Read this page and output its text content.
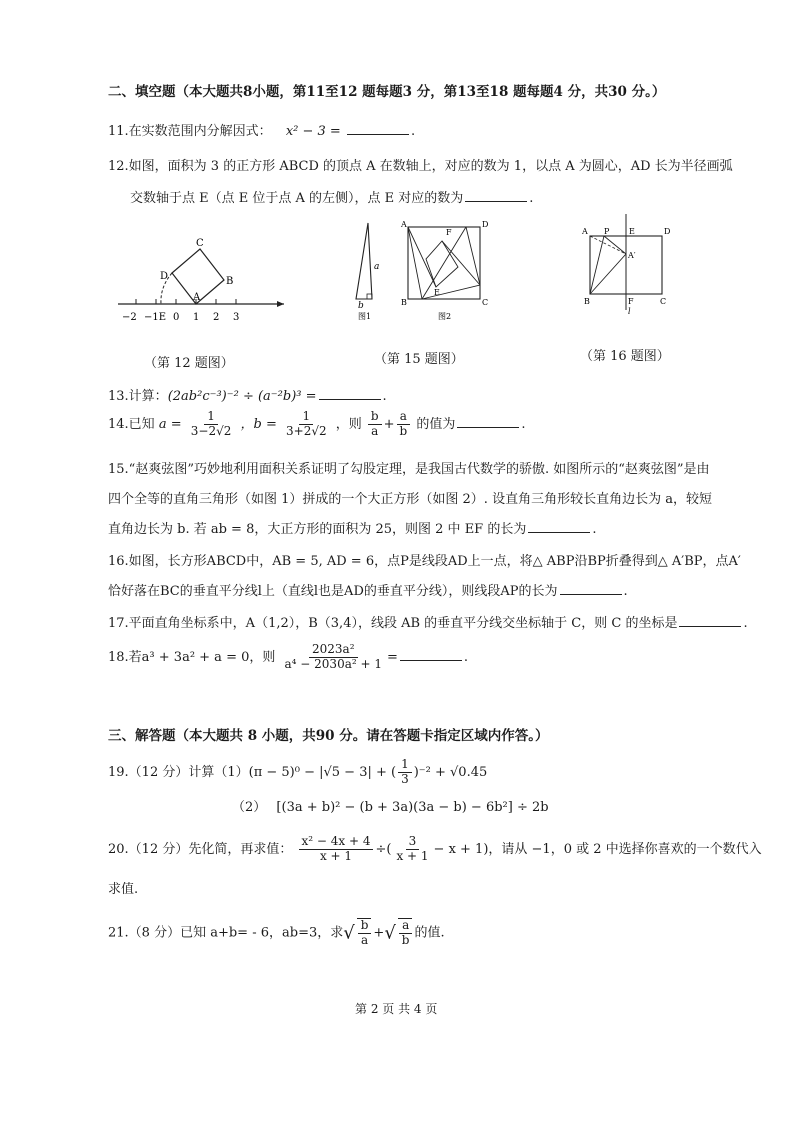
二、填空题（本大题共8小题，第11至12 题每题3 分，第13至18 题每题4 分，共30 分。）
11.在实数范围内分解因式： x² − 3 =	.
12.如图，面积为 3 的正方形 ABCD 的顶点 A 在数轴上，对应的数为 1，以点 A 为圆心，AD 长为半径画弧
交数轴于点 E（点 E 位于点 A 的左侧），点 E 对应的数为	.
C
D	B
A
−2 −1E 0 1 2 3
（第 12 题图）
a
b
图1
A
F
D
E
B	C
图2
（第 15 题图）
A P E	D
A′
B	F	C
l
（第 16 题图）
13.计算：(2ab²c⁻³)⁻² ÷ (a⁻²b)³ =	.
14.已知 $a = \frac{1}{3-2√2}$ ，$b = \frac{1}{3+2√2}$ ，则 $\frac{b}{a} + \frac{a}{b}$ 的值为	.
15.“赵爽弦图”巧妙地利用面积关系证明了勾股定理，是我国古代数学的骄傲. 如图所示的“赵爽弦图”是由
四个全等的直角三角形（如图 1）拼成的一个大正方形（如图 2）. 设直角三角形较长直角边长为 a，较短
直角边长为 b. 若 ab = 8，大正方形的面积为 25，则图 2 中 EF 的长为	.
16.如图，长方形ABCD中，AB = 5, AD = 6，点P是线段AD上一点，将△ ABP沿BP折叠得到△ A′BP，点A′
恰好落在BC的垂直平分线l上（直线l也是AD的垂直平分线），则线段AP的长为	.
17.平面直角坐标系中，A（1,2），B（3,4），线段 AB 的垂直平分线交坐标轴于 C，则 C 的坐标是	.
18.若a³ + 3a² + a = 0，则 $\frac{\text{2023a²}}{\text{a⁴ − 2030a² + 1}}$ =	.
三、解答题（本大题共 8 小题，共90 分。请在答题卡指定区域内作答。）
19.（12 分）计算（1）(π − 5)⁰ − |√5 − 3| + ( $\frac{1}{3} )^{-2} + √0.45$
（2） [(3a + b)² − (b + 3a)(3a − b) − 6b²] ÷ 2b
20.（12 分）先化简，再求值： $\frac{\text{x² − 4x + 4}}{x + 1}$ ÷( $\frac{3}{x + 1} - x + 1$)，请从 −1，0 或 2 中选择你喜欢的一个数代入
求值.
21.（8 分）已知 a+b= - 6，ab=3，求√ $\frac{b}{a}$ +√ $\frac{a}{b}$ 的值.
第 2 页 共 4 页
